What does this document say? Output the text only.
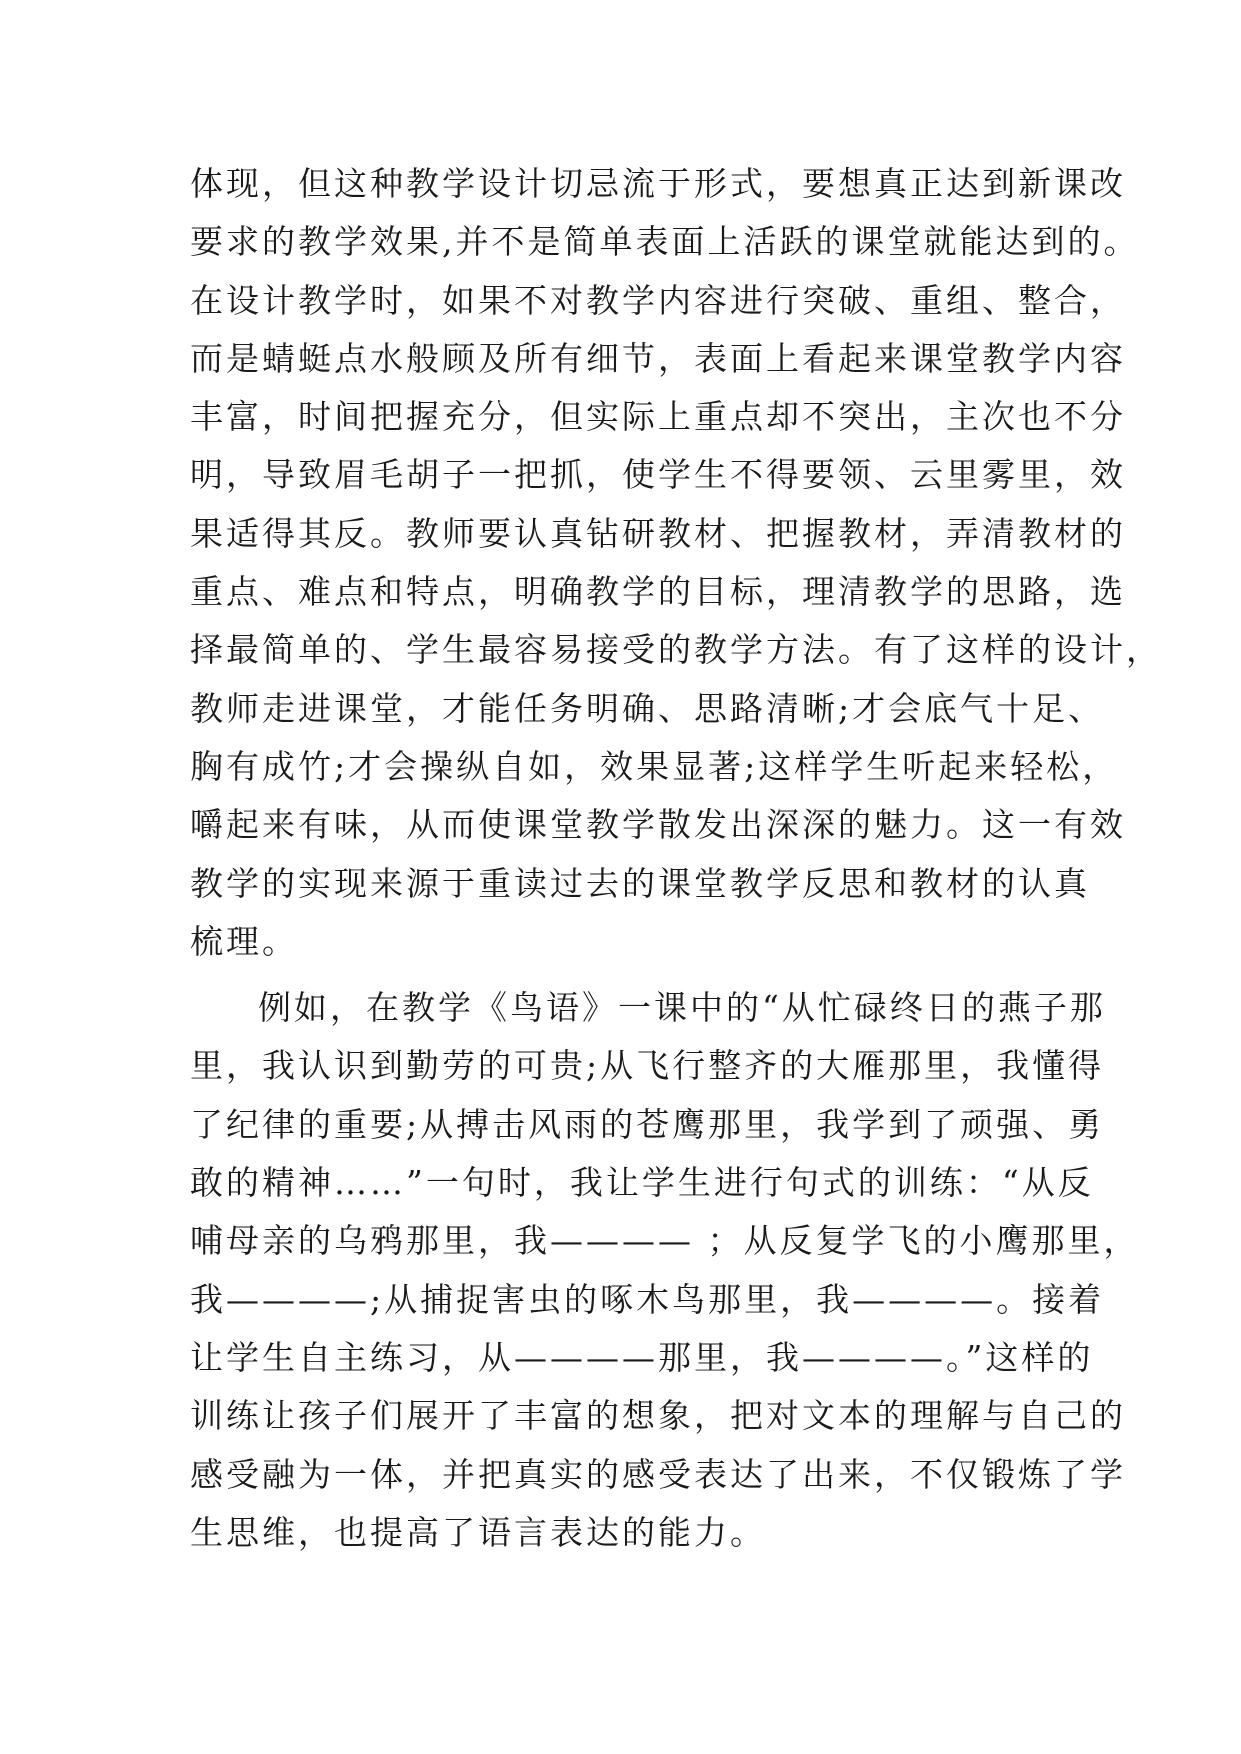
体现，但这种教学设计切忌流于形式，要想真正达到新课改
要求的教学效果,并不是简单表面上活跃的课堂就能达到的。
在设计教学时，如果不对教学内容进行突破、重组、整合，
而是蜻蜓点水般顾及所有细节，表面上看起来课堂教学内容
丰富，时间把握充分，但实际上重点却不突出，主次也不分
明，导致眉毛胡子一把抓，使学生不得要领、云里雾里，效
果适得其反。教师要认真钻研教材、把握教材，弄清教材的
重点、难点和特点，明确教学的目标，理清教学的思路，选
择最简单的、学生最容易接受的教学方法。有了这样的设计，
教师走进课堂，才能任务明确、思路清晰;才会底气十足、
胸有成竹;才会操纵自如，效果显著;这样学生听起来轻松，
嚼起来有味，从而使课堂教学散发出深深的魅力。这一有效
教学的实现来源于重读过去的课堂教学反思和教材的认真
梳理。
例如，在教学《鸟语》一课中的“从忙碌终日的燕子那
里，我认识到勤劳的可贵;从飞行整齐的大雁那里，我懂得
了纪律的重要;从搏击风雨的苍鹰那里，我学到了顽强、勇
敢的精神……”一句时，我让学生进行句式的训练：“从反
哺母亲的乌鸦那里，我———— ；从反复学飞的小鹰那里，
我————;从捕捉害虫的啄木鸟那里，我————。接着
让学生自主练习，从————那里，我————。”这样的
训练让孩子们展开了丰富的想象，把对文本的理解与自己的
感受融为一体，并把真实的感受表达了出来，不仅锻炼了学
生思维，也提高了语言表达的能力。
